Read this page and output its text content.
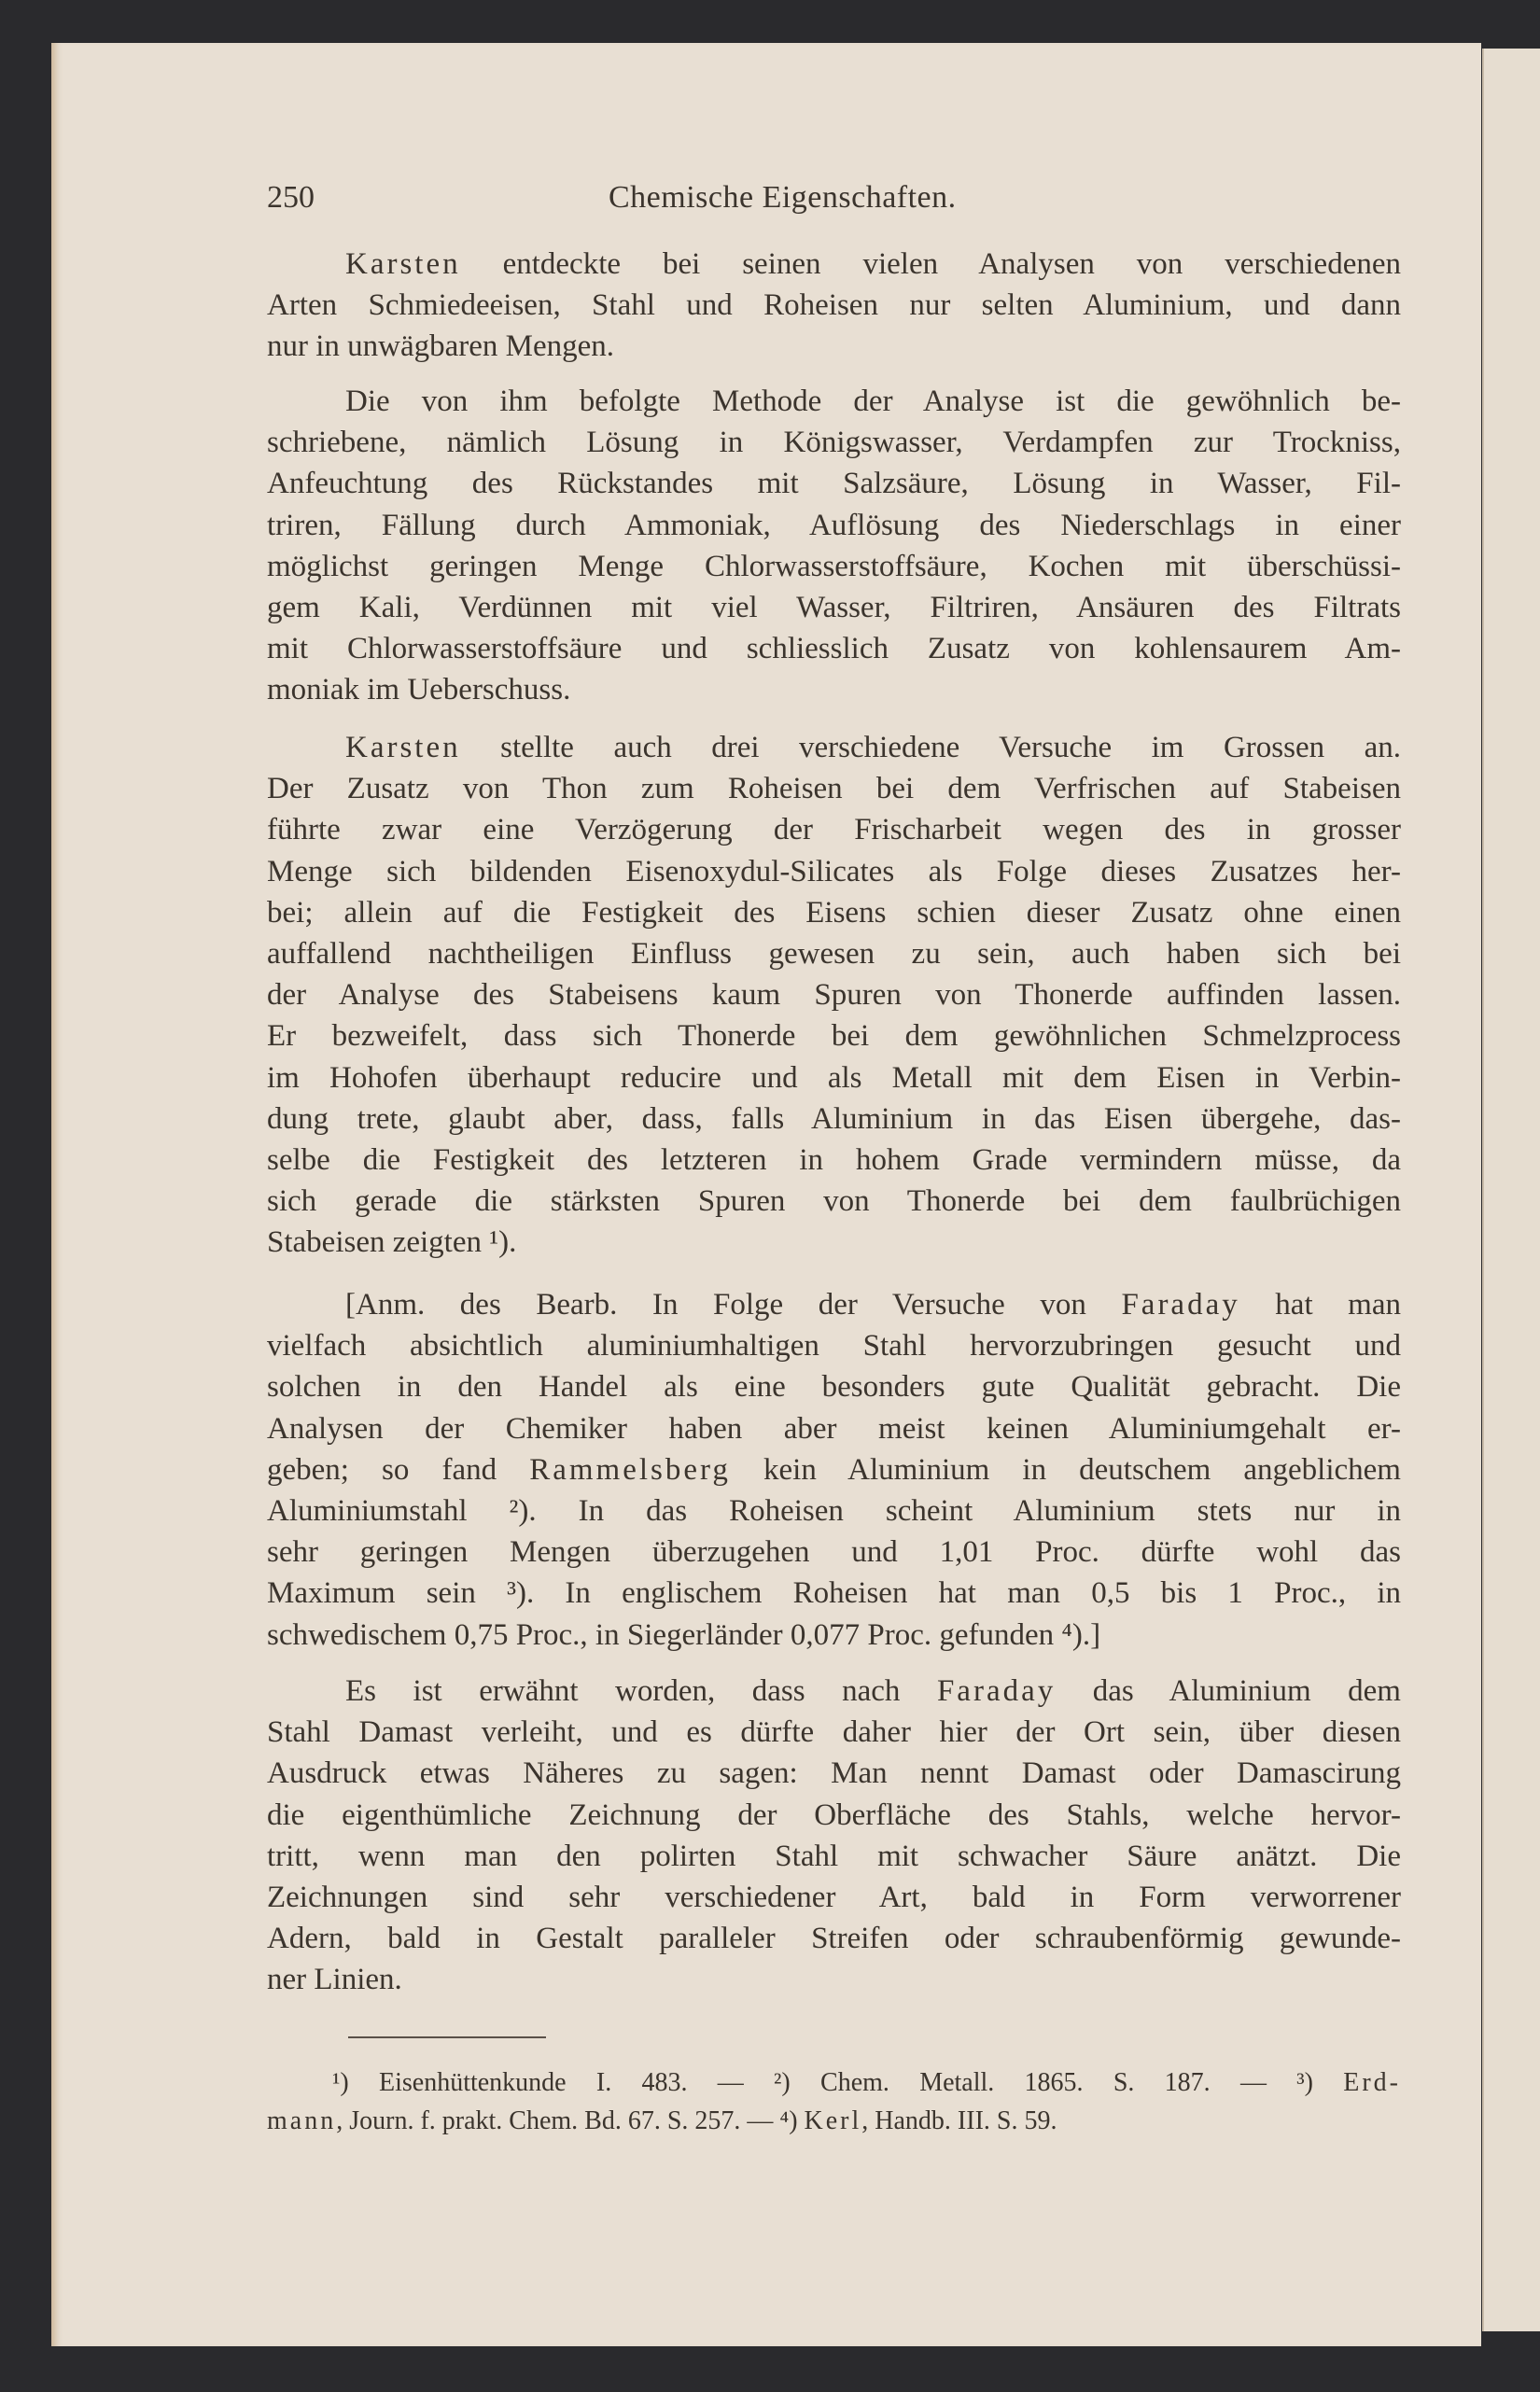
250	Chemische Eigenschaften.
Karsten entdeckte bei seinen vielen Analysen von verschiedenen
Arten Schmiedeeisen, Stahl und Roheisen nur selten Aluminium, und dann
nur in unwägbaren Mengen.
Die von ihm befolgte Methode der Analyse ist die gewöhnlich be-
schriebene, nämlich Lösung in Königswasser, Verdampfen zur Trockniss,
Anfeuchtung des Rückstandes mit Salzsäure, Lösung in Wasser, Fil-
triren, Fällung durch Ammoniak, Auflösung des Niederschlags in einer
möglichst geringen Menge Chlorwasserstoffsäure, Kochen mit überschüssi-
gem Kali, Verdünnen mit viel Wasser, Filtriren, Ansäuren des Filtrats
mit Chlorwasserstoffsäure und schliesslich Zusatz von kohlensaurem Am-
moniak im Ueberschuss.
Karsten stellte auch drei verschiedene Versuche im Grossen an.
Der Zusatz von Thon zum Roheisen bei dem Verfrischen auf Stabeisen
führte zwar eine Verzögerung der Frischarbeit wegen des in grosser
Menge sich bildenden Eisenoxydul-Silicates als Folge dieses Zusatzes her-
bei; allein auf die Festigkeit des Eisens schien dieser Zusatz ohne einen
auffallend nachtheiligen Einfluss gewesen zu sein, auch haben sich bei
der Analyse des Stabeisens kaum Spuren von Thonerde auffinden lassen.
Er bezweifelt, dass sich Thonerde bei dem gewöhnlichen Schmelzprocess
im Hohofen überhaupt reducire und als Metall mit dem Eisen in Verbin-
dung trete, glaubt aber, dass, falls Aluminium in das Eisen übergehe, das-
selbe die Festigkeit des letzteren in hohem Grade vermindern müsse, da
sich gerade die stärksten Spuren von Thonerde bei dem faulbrüchigen
Stabeisen zeigten ¹).
[Anm. des Bearb. In Folge der Versuche von Faraday hat man
vielfach absichtlich aluminiumhaltigen Stahl hervorzubringen gesucht und
solchen in den Handel als eine besonders gute Qualität gebracht. Die
Analysen der Chemiker haben aber meist keinen Aluminiumgehalt er-
geben; so fand Rammelsberg kein Aluminium in deutschem angeblichem
Aluminiumstahl ²). In das Roheisen scheint Aluminium stets nur in
sehr geringen Mengen überzugehen und 1,01 Proc. dürfte wohl das
Maximum sein ³). In englischem Roheisen hat man 0,5 bis 1 Proc., in
schwedischem 0,75 Proc., in Siegerländer 0,077 Proc. gefunden ⁴).]
Es ist erwähnt worden, dass nach Faraday das Aluminium dem
Stahl Damast verleiht, und es dürfte daher hier der Ort sein, über diesen
Ausdruck etwas Näheres zu sagen: Man nennt Damast oder Damascirung
die eigenthümliche Zeichnung der Oberfläche des Stahls, welche hervor-
tritt, wenn man den polirten Stahl mit schwacher Säure anätzt. Die
Zeichnungen sind sehr verschiedener Art, bald in Form verworrener
Adern, bald in Gestalt paralleler Streifen oder schraubenförmig gewunde-
ner Linien.
¹) Eisenhüttenkunde I. 483. — ²) Chem. Metall. 1865. S. 187. — ³) Erd-
mann, Journ. f. prakt. Chem. Bd. 67. S. 257. — ⁴) Kerl, Handb. III. S. 59.
